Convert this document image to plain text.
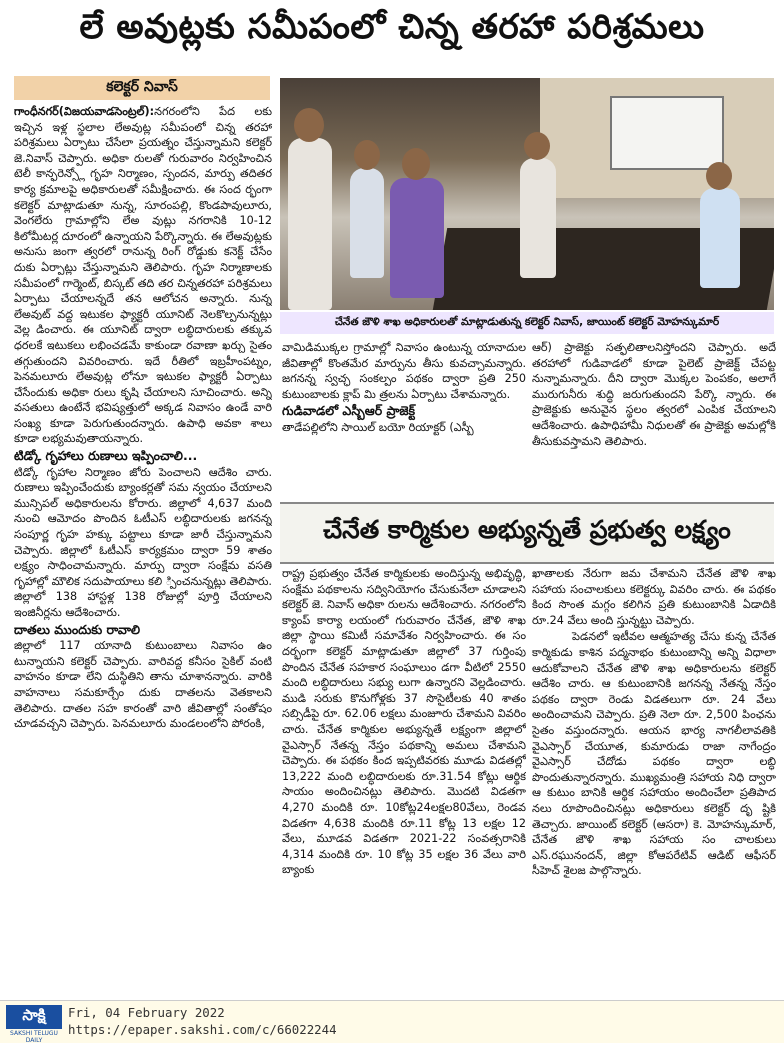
లే అవుట్లకు సమీపంలో చిన్న తరహా పరిశ్రమలు
కలెక్టర్ నివాస్

గాంధీనగర్(విజయవాడసెంట్రల్):నగరంలోని పేద లకు ఇచ్చిన ఇళ్ల స్థలాల లేఅవుట్ల సమీపంలో చిన్న తరహా పరిశ్రమలు ఏర్పాటు చేసేలా ప్రయత్నం చేస్తున్నామని కలెక్టర్ జె.నివాస్ చెప్పారు. అధికా రులతో గురువారం నిర్వహించిన టెలీ కాన్ఫరెన్స్లో గృహ నిర్మాణం, స్పందన, మార్పు తదితర కార్య క్రమాలపై అధికారులతో సమీక్షించారు. ఈ సంద ర్భంగా కలెక్టర్ మాట్లాడుతూ నున్న, సూరంపల్లి, కొండపావులూరు, వెంగలేరు గ్రామాల్లోని లేఅ వుట్లు నగరానికి 10-12 కిలోమీటర్ల దూరంలో ఉన్నాయని పేర్కొన్నారు. ఈ లేఅవుట్లకు అనుసు జంగా త్వరలో రానున్న రింగ్ రోడ్డుకు కనెక్ట్ చేసేం దుకు ఏర్పాట్లు చేస్తున్నామని తెలిపారు. గృహ నిర్మాణాలకు సమీపంలో గార్మెంట్, బిస్కట్ తది తర చిన్నతరహా పరిశ్రమలు ఏర్పాటు చేయాలన్నదే తన ఆలోచన అన్నారు. నున్న లేఅవుట్ వద్ద ఇటుకల ఫ్యాక్టరీ యూనిట్ నెలకొల్పనున్నట్లు వెల్ల డించారు. ఈ యూనిట్ ద్వారా లబ్ధిదారులకు తక్కువ ధరలకే ఇటుకలు లభించడమే కాకుండా రవాణా ఖర్చు సైతం తగ్గుతుందని వివరించారు. ఇదే రీతిలో ఇబ్రహీంపట్నం, పెనమలూరు లేఅవుట్ల లోనూ ఇటుకల ఫ్యాక్టరీ ఏర్పాటు చేసేందుకు అధికా రులు కృషి చేయాలని సూచించారు. అన్ని వసతులు ఉంటేనే భవిష్యత్తులో అక్కడ నివాసం ఉండే వారి సంఖ్య కూడా పెరుగుతుందన్నారు. ఉపాధి అవకా శాలు కూడా లభ్యమవుతాయన్నారు.

టిడ్కో గృహాలు రుణాలు ఇప్పించాలి...

టిడ్కో గృహాల నిర్మాణం జోరు పెంచాలని ఆదేశిం చారు. రుణాలు ఇప్పించేందుకు బ్యాంకర్లతో సమ న్వయం చేయాలని మున్సిపల్ అధికారులను కోరారు. జిల్లాలో 4,637 మంది నుంచి ఆమోదం పొందిన ఓటీఎస్ లబ్ధిదారులకు జగనన్న సంపూర్ణ గృహ హక్కు పట్టాలు కూడా జారీ చేస్తున్నామని చెప్పారు. జిల్లాలో ఓటీఎస్ కార్యక్రమం ద్వారా 59 శాతం లక్ష్యం సాధించామన్నారు. మార్పు ద్వారా సంక్షేమ వసతి గృహాల్లో మౌలిక సదుపాయాలు కలి ్పించనున్నట్లు తెలిపారు. జిల్లాలో 138 హాస్టళ్ల 138 రోజుల్లో పూర్తి చేయాలని ఇంజినీర్లను ఆదేశించారు.

దాతలు ముందుకు రావాలి

జిల్లాలో 117 యానాది కుటుంబాలు నివాసం ఉం టున్నాయని కలెక్టర్ చెప్పారు. వారివద్ద కనీసం సైకిల్ వంటి వాహనం కూడా లేని దుస్థితిని తాను చూశానన్నారు. వారికి వాహనాలు సమకూర్చేం దుకు దాతలను వెతకాలని తెలిపారు. దాతల సహ కారంతో వారి జీవితాల్లో సంతోషం చూడవచ్చని చెప్పారు. పెనమలూరు మండలంలోని పోరంకి,

చేనేత జౌళి శాఖ అధికారులతో మాట్లాడుతున్న కలెక్టర్ నివాస్, జాయింట్ కలెక్టర్ మోహన్కుమార్

వామిడిముక్కల గ్రామాల్లో నివాసం ఉంటున్న యానాదుల జీవితాల్లో కొంతమేర మార్పును తీసు కువచ్చామన్నారు. జగనన్న స్వచ్ఛ సంకల్పం పథకం ద్వారా ప్రతి 250 కుటుంబాలకు క్లాప్ మి త్రలను ఏర్పాటు చేశామన్నారు.

గుడివాడలో ఎస్బీఆర్ ప్రాజెక్ట్

తాడేపల్లిలోని సాయిల్ బయో రియాక్టర్ (ఎస్బీ

ఆర్) ప్రాజెక్టు సత్ఫలితాలనిస్తోందని చెప్పారు. అదే తరహాలో గుడివాడలో కూడా పైలెట్ ప్రాజెక్ట్ చేపట్ట నున్నామన్నారు. దీని ద్వారా మొక్కల పెంపకం, అలాగే మురుగునీరు శుద్ధి జరుగుతుందని పేర్కొ న్నారు. ఈ ప్రాజెక్టుకు అనువైన స్థలం త్వరలో ఎంపిక చేయాలని ఆదేశించారు. ఉపాధిహామీ నిధులతో ఈ ప్రాజెక్టు అమల్లోకి తీసుకువస్తామని తెలిపారు.

చేనేత కార్మికుల అభ్యున్నతే ప్రభుత్వ లక్ష్యం

రాష్ట్ర ప్రభుత్వం చేనేత కార్మికులకు అందిస్తున్న అభివృద్ధి, సంక్షేమ పథకాలను సద్వినియోగం చేసుకునేలా చూడాలని కలెక్టర్ జె. నివాస్ అధికా రులను ఆదేశించారు. నగరంలోని క్యాంప్ కార్యా లయంలో గురువారం చేనేత, జౌళి శాఖ జిల్లా స్థాయి కమిటీ సమావేశం నిర్వహించారు. ఈ సం దర్భంగా కలెక్టర్ మాట్లాడుతూ జిల్లాలో 37 గుర్తింపు పొందిన చేనేత సహకార సంఘాలుం డగా వీటిలో 2550 మంది లబ్ధిదారులు సభ్యు లుగా ఉన్నారని వెల్లడించారు. ముడి సరుకు కొనుగోళ్లకు 37 సొసైటీలకు 40 శాతం సబ్సిడీపై రూ. 62.06 లక్షలు మంజూరు చేశామని వివరిం చారు. చేనేత కార్మికుల అభ్యున్నతే లక్ష్యంగా జిల్లాలో వైఎస్సార్ నేతన్న నేస్తం పథకాన్ని అమలు చేశామని చెప్పారు. ఈ పథకం కింద ఇప్పటివరకు మూడు విడతల్లో 13,222 మంది లబ్ధిదారులకు రూ.31.54 కోట్లు ఆర్థిక సాయం అందించినట్లు తెలిపారు. మొదటి విడతగా 4,270 మందికి రూ. 10కోట్ల24లక్షల80వేలు, రెండవ విడతగా 4,638 మందికి రూ.11 కోట్ల 13 లక్షల 12 వేలు, మూడవ విడతగా 2021-22 సంవత్సరానికి 4,314 మందికి రూ. 10 కోట్ల 35 లక్షల 36 వేలు వారి బ్యాంకు

ఖాతాలకు నేరుగా జమ చేశామని చేనేత జౌళి శాఖ సహాయ సంచాలకులు కలెక్టర్కు వివరిం చారు. ఈ పథకం కింద సొంత మగ్గం కలిగిన ప్రతి కుటుంబానికి ఏడాదికి రూ.24 వేలు అంది స్తున్నట్టు చెప్పారు.

పెడనలో ఇటీవల ఆత్మహత్య చేసు కున్న చేనేత కార్మికుడు కాశిన పద్మనాభం కుటుంబాన్ని అన్ని విధాలా ఆదుకోవాలని చేనేత జౌళి శాఖ అధికారులను కలెక్టర్ ఆదేశిం చారు. ఆ కుటుంబానికి జగనన్న నేతన్న నేస్తం పథకం ద్వారా రెండు విడతలుగా రూ. 24 వేలు అందించామని చెప్పారు. ప్రతి నెలా రూ. 2,500 పింఛను సైతం వస్తుందన్నారు. ఆయన భార్య నాగలీలావతికి వైఎస్సార్ చేయూత, కుమారుడు రాజా నాగేంద్రం వైఎస్సార్ చేదోడు పథకం ద్వారా లబ్ధి పొందుతున్నారన్నారు. ముఖ్యమంత్రి సహాయ నిధి ద్వారా ఆ కుటుం బానికి ఆర్థిక సహాయం అందించేలా ప్రతిపాద నలు రూపొందించినట్లు అధికారులు కలెక్టర్ దృ ష్టికి తెచ్చారు. జాయింట్ కలెక్టర్ (ఆసరా) కె. మోహన్కుమార్, చేనేత జౌళి శాఖ సహాయ సం చాలకులు ఎస్.రఘునందన్, జిల్లా కోఆపరేటివ్ ఆడిట్ ఆఫీసర్ సీహెచ్ శైలజ పాల్గొన్నారు.

సాక్షి
SAKSHI TELUGU DAILY
Fri, 04 February 2022
https://epaper.sakshi.com/c/66022244
